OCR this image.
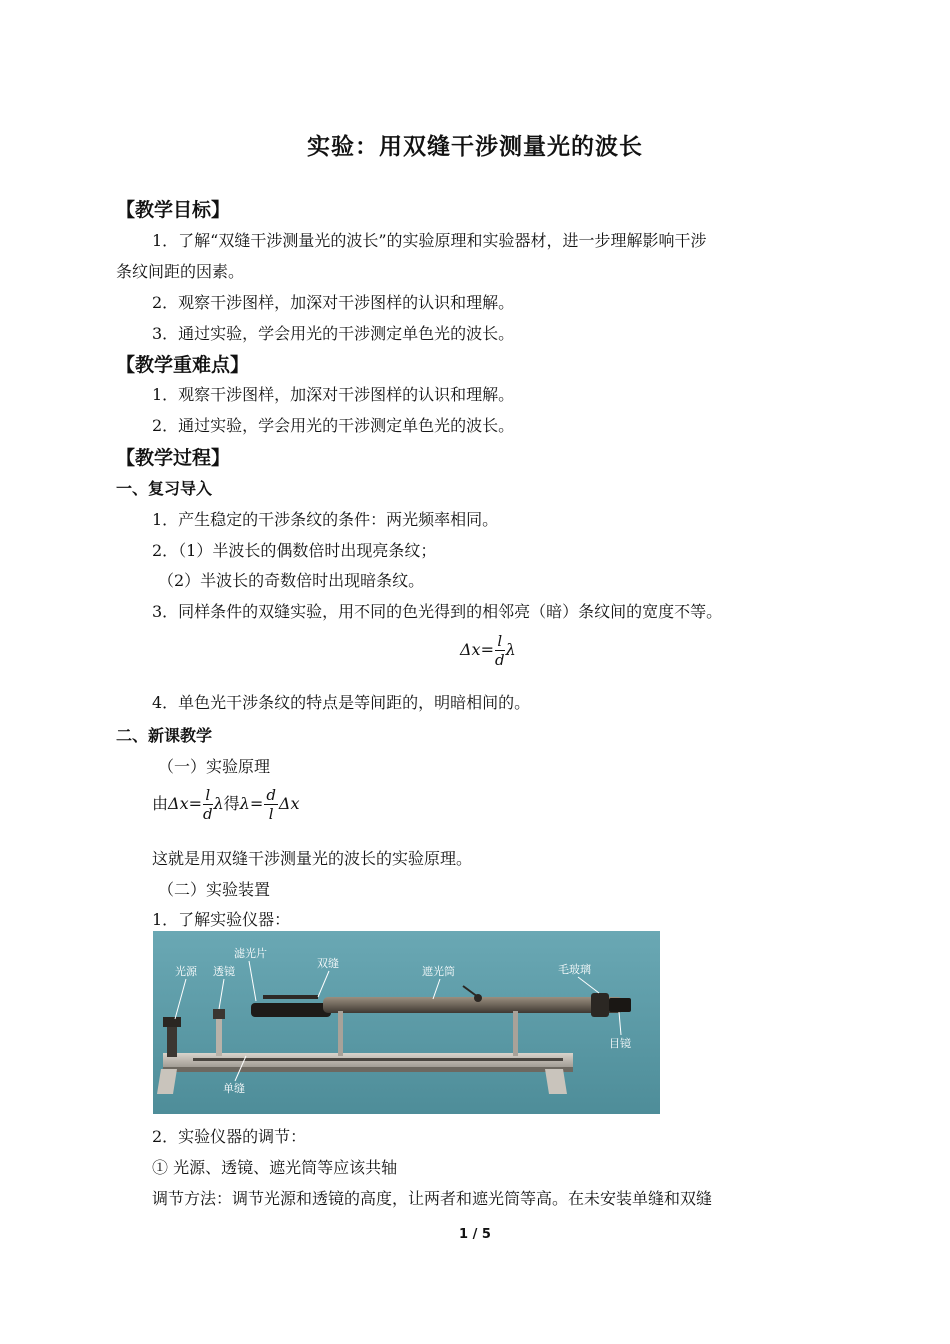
实验：用双缝干涉测量光的波长
【教学目标】
1．了解“双缝干涉测量光的波长”的实验原理和实验器材，进一步理解影响干涉
条纹间距的因素。
2．观察干涉图样，加深对干涉图样的认识和理解。
3．通过实验，学会用光的干涉测定单色光的波长。
【教学重难点】
1．观察干涉图样，加深对干涉图样的认识和理解。
2．通过实验，学会用光的干涉测定单色光的波长。
【教学过程】
一、复习导入
1．产生稳定的干涉条纹的条件：两光频率相同。
2．（1）半波长的偶数倍时出现亮条纹；
（2）半波长的奇数倍时出现暗条纹。
3．同样条件的双缝实验，用不同的色光得到的相邻亮（暗）条纹间的宽度不等。
$\Delta x= \frac{l}{d}$ λ
4．单色光干涉条纹的特点是等间距的，明暗相间的。
二、新课教学
（一）实验原理
由$\Delta x= \frac{l}{d}$ λ得$\lambda= \frac{d}{l}$ Δx
这就是用双缝干涉测量光的波长的实验原理。
（二）实验装置
1．了解实验仪器：
光源 透镜
滤光片
双缝
遮光筒	毛玻璃
目镜
单缝
2．实验仪器的调节：
① 光源、透镜、遮光筒等应该共轴
调节方法：调节光源和透镜的高度，让两者和遮光筒等高。在未安装单缝和双缝
1 / 5
